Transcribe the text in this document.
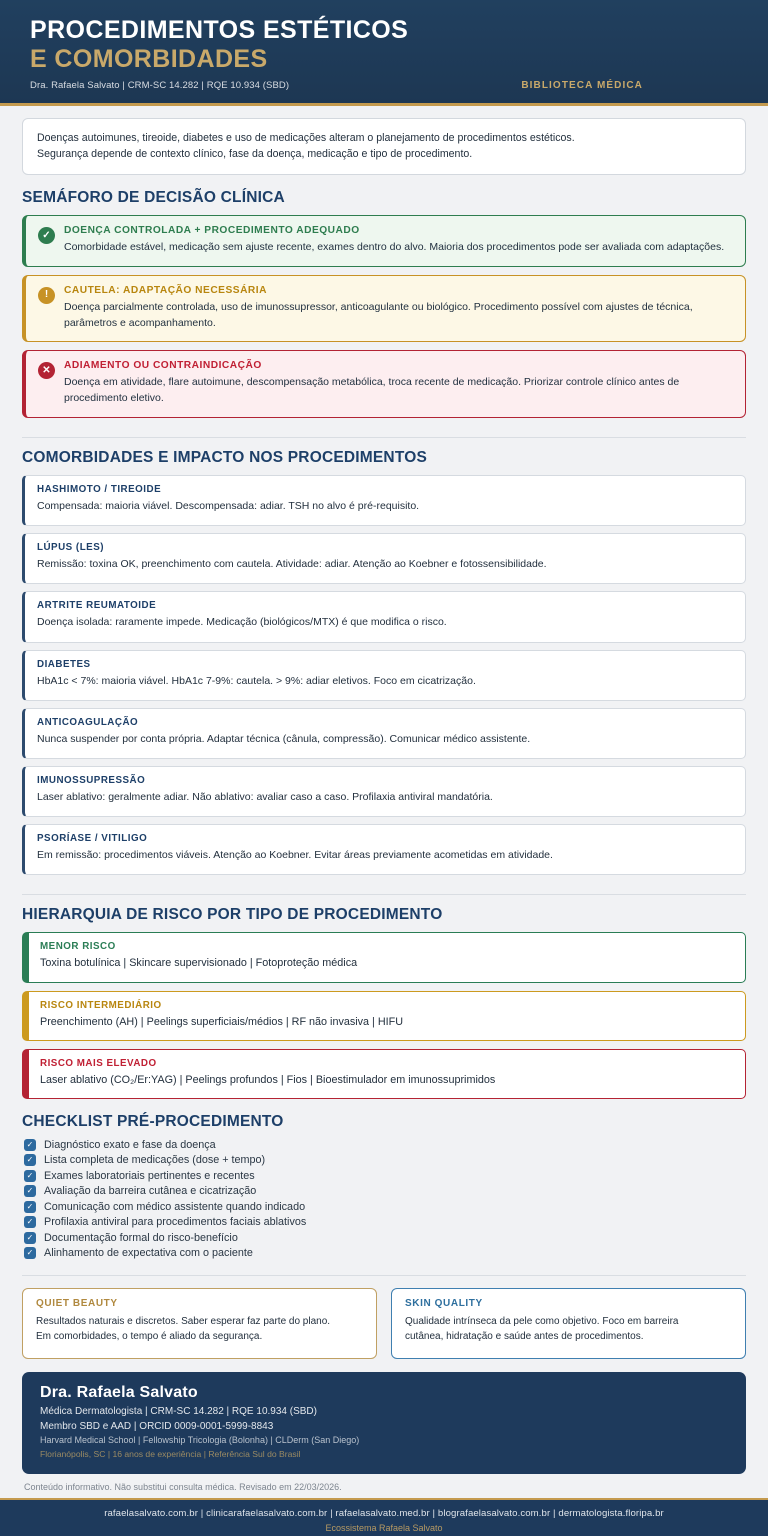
PROCEDIMENTOS ESTÉTICOS
E COMORBIDADES
Dra. Rafaela Salvato | CRM-SC 14.282 | RQE 10.934 (SBD)	BIBLIOTECA MÉDICA
Doenças autoimunes, tireoide, diabetes e uso de medicações alteram o planejamento de procedimentos estéticos.
Segurança depende de contexto clínico, fase da doença, medicação e tipo de procedimento.
SEMÁFORO DE DECISÃO CLÍNICA
✓	DOENÇA CONTROLADA + PROCEDIMENTO ADEQUADO
Comorbidade estável, medicação sem ajuste recente, exames dentro do alvo. Maioria dos procedimentos pode ser avaliada com adaptações.
!	CAUTELA: ADAPTAÇÃO NECESSÁRIA
Doença parcialmente controlada, uso de imunossupressor, anticoagulante ou biológico. Procedimento possível com ajustes de técnica, parâmetros e acompanhamento.
✕	ADIAMENTO OU CONTRAINDICAÇÃO
Doença em atividade, flare autoimune, descompensação metabólica, troca recente de medicação. Priorizar controle clínico antes de procedimento eletivo.
COMORBIDADES E IMPACTO NOS PROCEDIMENTOS
HASHIMOTO / TIREOIDE
Compensada: maioria viável. Descompensada: adiar. TSH no alvo é pré-requisito.
LÚPUS (LES)
Remissão: toxina OK, preenchimento com cautela. Atividade: adiar. Atenção ao Koebner e fotossensibilidade.
ARTRITE REUMATOIDE
Doença isolada: raramente impede. Medicação (biológicos/MTX) é que modifica o risco.
DIABETES
HbA1c < 7%: maioria viável. HbA1c 7-9%: cautela. > 9%: adiar eletivos. Foco em cicatrização.
ANTICOAGULAÇÃO
Nunca suspender por conta própria. Adaptar técnica (cânula, compressão). Comunicar médico assistente.
IMUNOSSUPRESSÃO
Laser ablativo: geralmente adiar. Não ablativo: avaliar caso a caso. Profilaxia antiviral mandatória.
PSORÍASE / VITILIGO
Em remissão: procedimentos viáveis. Atenção ao Koebner. Evitar áreas previamente acometidas em atividade.
HIERARQUIA DE RISCO POR TIPO DE PROCEDIMENTO
MENOR RISCO
Toxina botulínica | Skincare supervisionado | Fotoproteção médica
RISCO INTERMEDIÁRIO
Preenchimento (AH) | Peelings superficiais/médios | RF não invasiva | HIFU
RISCO MAIS ELEVADO
Laser ablativo (CO₂/Er:YAG) | Peelings profundos | Fios | Bioestimulador em imunossuprimidos
CHECKLIST PRÉ-PROCEDIMENTO
✓ Diagnóstico exato e fase da doença
✓ Lista completa de medicações (dose + tempo)
✓ Exames laboratoriais pertinentes e recentes
✓ Avaliação da barreira cutânea e cicatrização
✓ Comunicação com médico assistente quando indicado
✓ Profilaxia antiviral para procedimentos faciais ablativos
✓ Documentação formal do risco-benefício
✓ Alinhamento de expectativa com o paciente
QUIET BEAUTY
Resultados naturais e discretos. Saber esperar faz parte do plano.
Em comorbidades, o tempo é aliado da segurança.
SKIN QUALITY
Qualidade intrínseca da pele como objetivo. Foco em barreira
cutânea, hidratação e saúde antes de procedimentos.
Dra. Rafaela Salvato
Médica Dermatologista | CRM-SC 14.282 | RQE 10.934 (SBD)
Membro SBD e AAD | ORCID 0009-0001-5999-8843
Harvard Medical School | Fellowship Tricologia (Bolonha) | CLDerm (San Diego)
Florianópolis, SC | 16 anos de experiência | Referência Sul do Brasil
Conteúdo informativo. Não substitui consulta médica. Revisado em 22/03/2026.
rafaelasalvato.com.br | clinicarafaelasalvato.com.br | rafaelasalvato.med.br | blografaelasalvato.com.br | dermatologista.floripa.br
Ecossistema Rafaela Salvato
